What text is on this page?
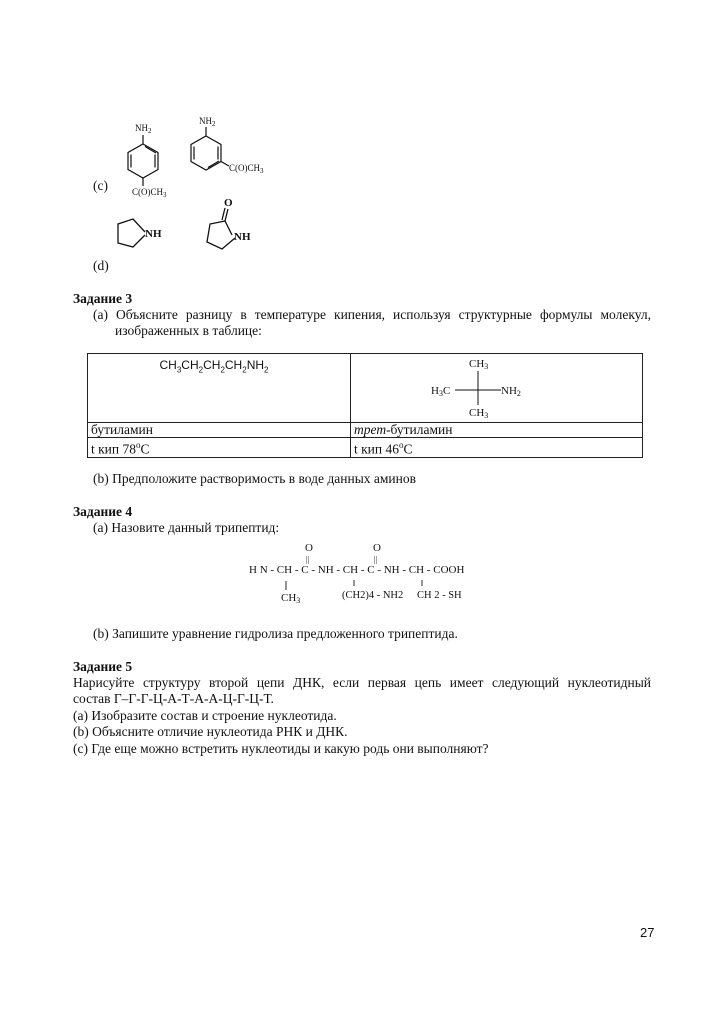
$NH_2$
$C(O)CH_3$
$NH_2$
$C(O)CH_3$
NH
O
NH
(c)
(d)
Задание 3
(a) Объясните разницу в температуре кипения, используя структурные формулы молекул,
изображенных в таблице:
$CH_3CH_2CH_2CH_2NH_2$	CH3
H3C NH2
CH3

бутиламин	трет-бутиламин
t кип 78$^o$C	t кип 46$^o$C
(b) Предположите растворимость в воде данных аминов
Задание 4
(a) Назовите данный трипептид:
O	O
||	||
H N - CH - C - NH - CH - C - NH - CH - COOH
CH3	(CH2)4 - NH2 CH 2 - SH
(b) Запишите уравнение гидролиза предложенного трипептида.
Задание 5
Нарисуйте структуру второй цепи ДНК, если первая цепь имеет следующий нуклеотидный
состав Г–Г-Г-Ц-А-Т-А-А-Ц-Г-Ц-Т.
(a) Изобразите состав и строение нуклеотида.
(b) Объясните отличие нуклеотида РНК и ДНК.
(c) Где еще можно встретить нуклеотиды и какую родь они выполняют?
27
